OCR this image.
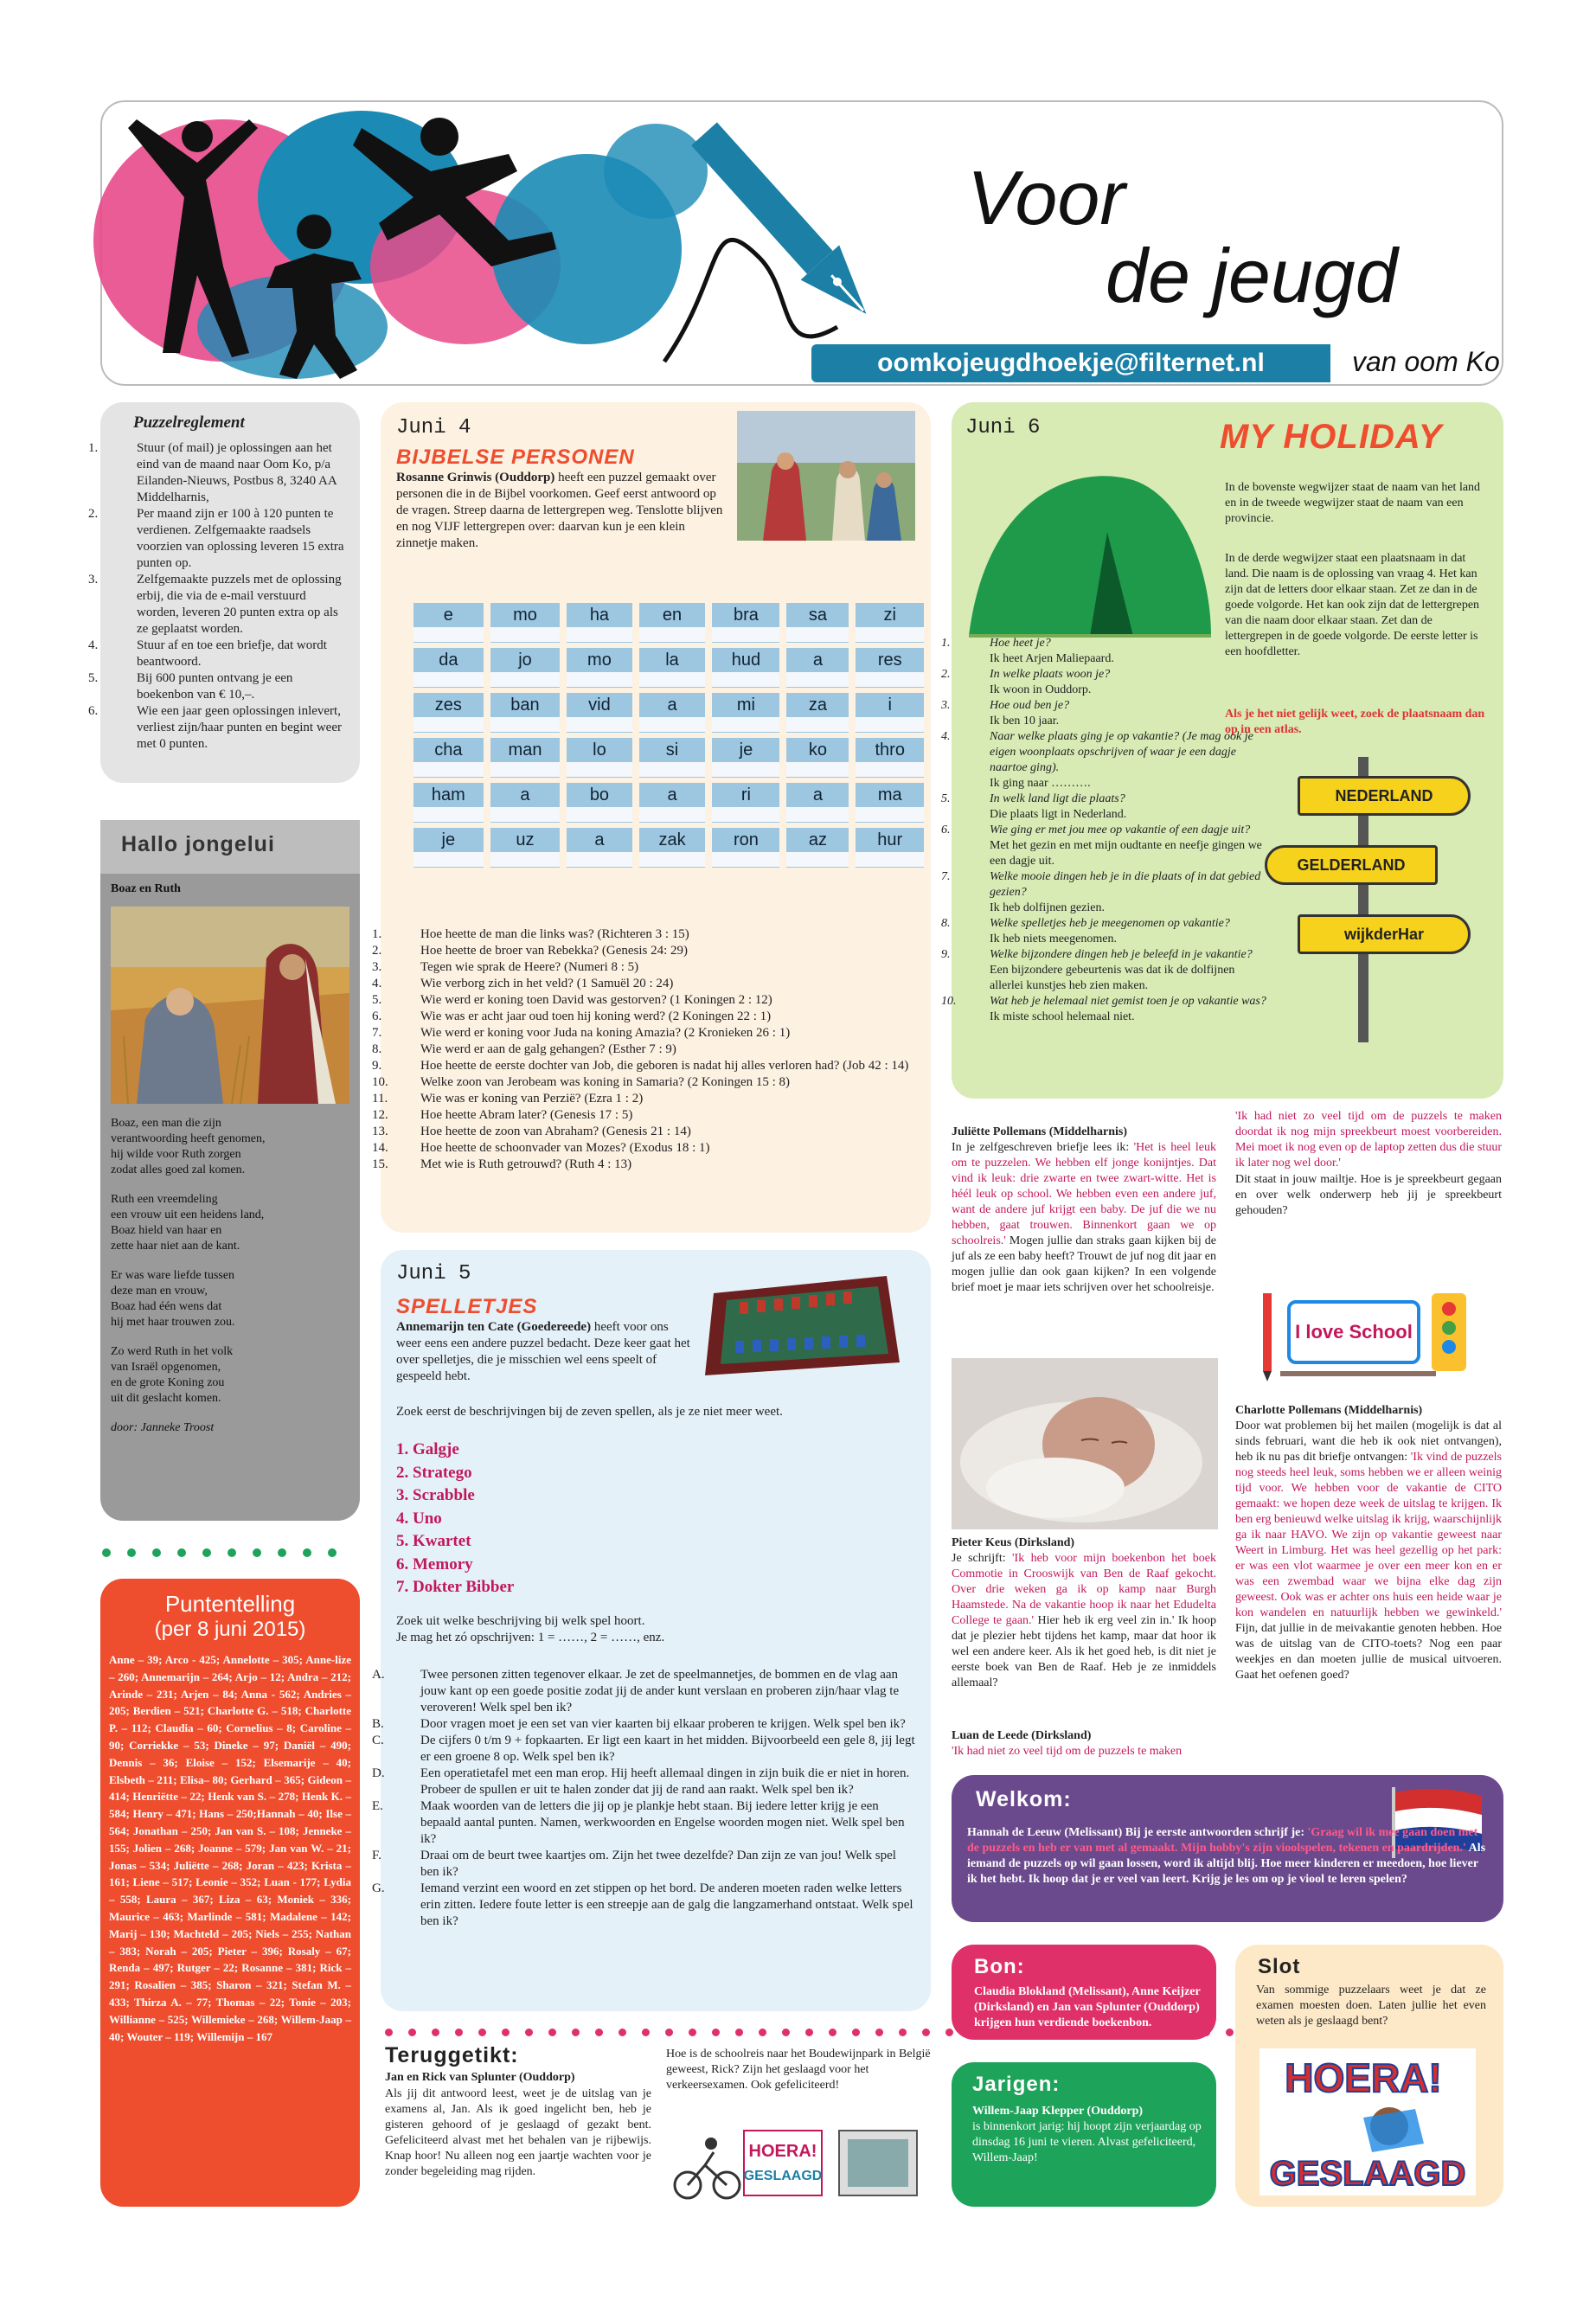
Voor
de jeugd
oomkojeugdhoekje@filternet.nl	van oom Ko
Puzzelreglement
1.	Stuur (of mail) je oplossingen aan het eind van de maand naar Oom Ko, p/a Eilanden-Nieuws, Postbus 8, 3240 AA Middelharnis,
2.	Per maand zijn er 100 à 120 punten te verdienen. Zelfgemaakte raadsels voorzien van oplossing leveren 15 extra punten op.
3.	Zelfgemaakte puzzels met de oplossing erbij, die via de e-mail verstuurd worden, leveren 20 punten extra op als ze geplaatst worden.
4.	Stuur af en toe een briefje, dat wordt beantwoord.
5.	Bij 600 punten ontvang je een boekenbon van € 10,–.
6.	Wie een jaar geen oplossingen inlevert, verliest zijn/haar punten en begint weer met 0 punten.
Hallo jongelui
Boaz en Ruth
Boaz, een man die zijn
verantwoording heeft genomen,
hij wilde voor Ruth zorgen
zodat alles goed zal komen.
Ruth een vreemdeling
een vrouw uit een heidens land,
Boaz hield van haar en
zette haar niet aan de kant.
Er was ware liefde tussen
deze man en vrouw,
Boaz had één wens dat
hij met haar trouwen zou.
Zo werd Ruth in het volk
van Israël opgenomen,
en de grote Koning zou
uit dit geslacht komen.
door: Janneke Troost
Puntentelling
(per 8 juni 2015)
Anne – 39; Arco - 425; Annelotte – 305; Anne-lize – 260; Annemarijn – 264; Arjo – 12; Andra – 212; Arinde – 231; Arjen – 84; Anna - 562; Andries – 205; Berdien – 521; Charlotte G. – 518; Charlotte P. – 112; Claudia – 60; Cornelius – 8; Caroline – 90; Corriekke – 53; Dineke – 97; Daniël – 490; Dennis – 36; Eloise – 152; Elsemarije – 40; Elsbeth – 211; Elisa– 80; Gerhard – 365; Gideon – 414; Henriëtte – 22; Henk van S. – 278; Henk K. – 584; Henry – 471; Hans – 250;Hannah – 40; Ilse – 564; Jonathan – 250; Jan van S. – 108; Jenneke – 155; Jolien – 268; Joanne – 579; Jan van W. – 21; Jonas – 534; Juliëtte – 268; Joran – 423; Krista – 161; Liene – 517; Leonie – 352; Luan - 177; Lydia – 558; Laura – 367; Liza – 63; Moniek – 336; Maurice – 463; Marlinde – 581; Madalene – 142; Marij – 130; Machteld – 205; Niels – 255; Nathan – 383; Norah – 205; Pieter – 396; Rosaly – 67; Renda – 497; Rutger – 22; Rosanne – 381; Rick – 291; Rosalien – 385; Sharon – 321; Stefan M. – 433; Thirza A. – 77; Thomas – 22; Tonie – 203; Willianne – 525; Willemieke – 268; Willem-Jaap – 40; Wouter – 119; Willemijn – 167
Juni 4
BIJBELSE PERSONEN
Rosanne Grinwis (Ouddorp) heeft een puzzel gemaakt over personen die in de Bijbel voorkomen. Geef eerst antwoord op de vragen. Streep daarna de lettergrepen weg. Tenslotte blijven en nog VIJF lettergrepen over: daarvan kun je een klein zinnetje maken.
e	mo	ha	en	bra	sa	zi

da	jo	mo	la	hud	a	res

zes	ban	vid	a	mi	za	i

cha	man	lo	si	je	ko	thro

ham	a	bo	a	ri	a	ma

je	uz	a	zak	ron	az	hur

1.	Hoe heette de man die links was? (Richteren 3 : 15)
2.	Hoe heette de broer van Rebekka? (Genesis 24: 29)
3.	Tegen wie sprak de Heere? (Numeri 8 : 5)
4.	Wie verborg zich in het veld? (1 Samuël 20 : 24)
5.	Wie werd er koning toen David was gestorven? (1 Koningen 2 : 12)
6.	Wie was er acht jaar oud toen hij koning werd? (2 Koningen 22 : 1)
7.	Wie werd er koning voor Juda na koning Amazia? (2 Kronieken 26 : 1)
8.	Wie werd er aan de galg gehangen? (Esther 7 : 9)
9.	Hoe heette de eerste dochter van Job, die geboren is nadat hij alles verloren had? (Job 42 : 14)
10. Welke zoon van Jerobeam was koning in Samaria? (2 Koningen 15 : 8)
11.	Wie was er koning van Perzië? (Ezra 1 : 2)
12. Hoe heette Abram later? (Genesis 17 : 5)
13. Hoe heette de zoon van Abraham? (Genesis 21 : 14)
14. Hoe heette de schoonvader van Mozes? (Exodus 18 : 1)
15. Met wie is Ruth getrouwd? (Ruth 4 : 13)
Juni 5
SPELLETJES
Annemarijn ten Cate (Goedereede) heeft voor ons weer eens een andere puzzel bedacht. Deze keer gaat het over spelletjes, die je misschien wel eens speelt of gespeeld hebt.
Zoek eerst de beschrijvingen bij de zeven spellen, als je ze niet meer weet.
1. Galgje
2. Stratego
3. Scrabble
4. Uno
5. Kwartet
6. Memory
7. Dokter Bibber
Zoek uit welke beschrijving bij welk spel hoort.
Je mag het zó opschrijven: 1 = ……, 2 = ……, enz.
A.	Twee personen zitten tegenover elkaar. Je zet de speelmannetjes, de bommen en de vlag aan jouw kant op een goede positie zodat jij de ander kunt verslaan en proberen zijn/haar vlag te veroveren! Welk spel ben ik?
B.	Door vragen moet je een set van vier kaarten bij elkaar proberen te krijgen. Welk spel ben ik?
C.	De cijfers 0 t/m 9 + fopkaarten. Er ligt een kaart in het midden. Bijvoorbeeld een gele 8, jij legt er een groene 8 op. Welk spel ben ik?
D.	Een operatietafel met een man erop. Hij heeft allemaal dingen in zijn buik die er niet in horen. Probeer de spullen er uit te halen zonder dat jij de rand aan raakt. Welk spel ben ik?
E.	Maak woorden van de letters die jij op je plankje hebt staan. Bij iedere letter krijg je een bepaald aantal punten. Namen, werkwoorden en Engelse woorden mogen niet. Welk spel ben ik?
F.	Draai om de beurt twee kaartjes om. Zijn het twee dezelfde? Dan zijn ze van jou! Welk spel ben ik?
G.	Iemand verzint een woord en zet stippen op het bord. De anderen moeten raden welke letters erin zitten. Iedere foute letter is een streepje aan de galg die langzamerhand ontstaat. Welk spel ben ik?
Teruggetikt:
Jan en Rick van Splunter (Ouddorp)
Als jij dit antwoord leest, weet je de uitslag van je examens al, Jan. Als ik goed ingelicht ben, heb je gisteren gehoord of je geslaagd of gezakt bent. Gefeliciteerd alvast met het behalen van je rijbewijs. Knap hoor! Nu alleen nog een jaartje wachten voor je zonder begeleiding mag rijden.
Hoe is de schoolreis naar het Boudewijnpark in België geweest, Rick? Zijn het geslaagd voor het verkeersexamen. Ook gefeliciteerd!
HOERA!
GESLAAGD
Juni 6	MY HOLIDAY
In de bovenste wegwijzer staat de naam van het land en in de tweede wegwijzer staat de naam van een provincie.
In de derde wegwijzer staat een plaatsnaam in dat land. Die naam is de oplossing van vraag 4. Het kan zijn dat de letters door elkaar staan. Zet ze dan in de goede volgorde. Het kan ook zijn dat de lettergrepen van die naam door elkaar staan. Zet dan de lettergrepen in de goede volgorde. De eerste letter is een hoofdletter.
Als je het niet gelijk weet, zoek de plaatsnaam dan op in een atlas.
NEDERLAND
GELDERLAND
wijkderHar
1.	Hoe heet je?
Ik heet Arjen Maliepaard.
2.	In welke plaats woon je?
Ik woon in Ouddorp.
3.	Hoe oud ben je?
Ik ben 10 jaar.
4.	Naar welke plaats ging je op vakantie? (Je mag ook je eigen woonplaats opschrijven of waar je een dagje naartoe ging).
Ik ging naar ……….
5.	In welk land ligt die plaats?
Die plaats ligt in Nederland.
6.	Wie ging er met jou mee op vakantie of een dagje uit?
Met het gezin en met mijn oudtante en neefje gingen we een dagje uit.
7.	Welke mooie dingen heb je in die plaats of in dat gebied gezien?
Ik heb dolfijnen gezien.
8.	Welke spelletjes heb je meegenomen op vakantie?
Ik heb niets meegenomen.
9.	Welke bijzondere dingen heb je beleefd in je vakantie?
Een bijzondere gebeurtenis was dat ik de dolfijnen allerlei kunstjes heb zien maken.
10.	Wat heb je helemaal niet gemist toen je op vakantie was?
Ik miste school helemaal niet.
Juliëtte Pollemans (Middelharnis)
In je zelfgeschreven briefje lees ik: 'Het is heel leuk om te puzzelen. We hebben elf jonge konijntjes. Dat vind ik leuk: drie zwarte en twee zwart-witte. Het is héél leuk op school. We hebben even een andere juf, want de andere juf krijgt een baby. De juf die we nu hebben, gaat trouwen. Binnenkort gaan we op schoolreis.' Mogen jullie dan straks gaan kijken bij de juf als ze een baby heeft? Trouwt de juf nog dit jaar en mogen jullie dan ook gaan kijken? In een volgende brief moet je maar iets schrijven over het schoolreisje.
Pieter Keus (Dirksland)
Je schrijft: 'Ik heb voor mijn boekenbon het boek Commotie in Crooswijk van Ben de Raaf gekocht. Over drie weken ga ik op kamp naar Burgh Haamstede. Na de vakantie hoop ik naar het Edudelta College te gaan.' Hier heb ik erg veel zin in.' Ik hoop dat je plezier hebt tijdens het kamp, maar dat hoor ik wel een andere keer. Als ik het goed heb, is dit niet je eerste boek van Ben de Raaf. Heb je ze inmiddels allemaal?
Luan de Leede (Dirksland)
'Ik had niet zo veel tijd om de puzzels te maken
'Ik had niet zo veel tijd om de puzzels te maken doordat ik nog mijn spreekbeurt moest voorbereiden. Mei moet ik nog even op de laptop zetten dus die stuur ik later nog wel door.'
Dit staat in jouw mailtje. Hoe is je spreekbeurt gegaan en over welk onderwerp heb jij je spreekbeurt gehouden?
I love School
Charlotte Pollemans (Middelharnis)
Door wat problemen bij het mailen (mogelijk is dat al sinds februari, want die heb ik ook niet ontvangen), heb ik nu pas dit briefje ontvangen: 'Ik vind de puzzels nog steeds heel leuk, soms hebben we er alleen weinig tijd voor. We hebben voor de vakantie de CITO gemaakt: we hopen deze week de uitslag te krijgen. Ik ben erg benieuwd welke uitslag ik krijg, waarschijnlijk ga ik naar HAVO. We zijn op vakantie geweest naar Weert in Limburg. Het was heel gezellig op het park: er was een vlot waarmee je over een meer kon en er was een zwembad waar we bijna elke dag zijn geweest. Ook was er achter ons huis een heide waar je kon wandelen en natuurlijk hebben we gewinkeld.' Fijn, dat jullie in de meivakantie genoten hebben. Hoe was de uitslag van de CITO-toets? Nog een paar weekjes en dan moeten jullie de musical uitvoeren. Gaat het oefenen goed?
Welkom:
Hannah de Leeuw (Melissant) Bij je eerste antwoorden schrijf je: 'Graag wil ik mee gaan doen met de puzzels en heb er van met al gemaakt. Mijn hobby's zijn vioolspelen, tekenen en paardrijden.' Als iemand de puzzels op wil gaan lossen, word ik altijd blij. Hoe meer kinderen er meedoen, hoe liever ik het hebt. Ik hoop dat je er veel van leert. Krijg je les om op je viool te leren spelen?
Bon:
Claudia Blokland (Melissant), Anne Keijzer (Dirksland) en Jan van Splunter (Ouddorp) krijgen hun verdiende boekenbon.
Jarigen:
Willem-Jaap Klepper (Ouddorp)
is binnenkort jarig: hij hoopt zijn verjaardag op dinsdag 16 juni te vieren. Alvast gefeliciteerd, Willem-Jaap!
Slot
Van sommige puzzelaars weet je dat ze examen moesten doen. Laten jullie het even weten als je geslaagd bent?
HOERA!
GESLAAGD
